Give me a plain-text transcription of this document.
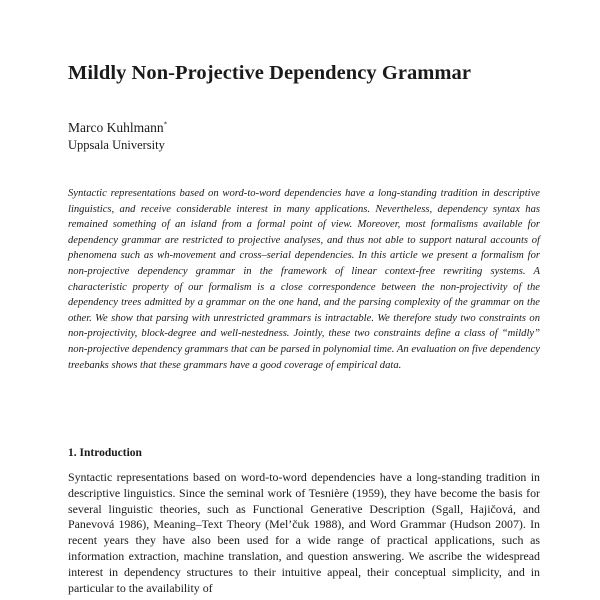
Mildly Non-Projective Dependency Grammar
Marco Kuhlmann*
Uppsala University

Syntactic representations based on word-to-word dependencies have a long-standing tradition in descriptive linguistics, and receive considerable interest in many applications. Nevertheless, dependency syntax has remained something of an island from a formal point of view. Moreover, most formalisms available for dependency grammar are restricted to projective analyses, and thus not able to support natural accounts of phenomena such as wh-movement and cross–serial dependencies. In this article we present a formalism for non-projective dependency grammar in the framework of linear context-free rewriting systems. A characteristic property of our formalism is a close correspondence between the non-projectivity of the dependency trees admitted by a grammar on the one hand, and the parsing complexity of the grammar on the other. We show that parsing with unrestricted grammars is intractable. We therefore study two constraints on non-projectivity, block-degree and well-nestedness. Jointly, these two constraints define a class of “mildly” non-projective dependency grammars that can be parsed in polynomial time. An evaluation on five dependency treebanks shows that these grammars have a good coverage of empirical data.

1. Introduction

Syntactic representations based on word-to-word dependencies have a long-standing tradition in descriptive linguistics. Since the seminal work of Tesnière (1959), they have become the basis for several linguistic theories, such as Functional Generative Description (Sgall, Hajičová, and Panevová 1986), Meaning–Text Theory (Mel’čuk 1988), and Word Grammar (Hudson 2007). In recent years they have also been used for a wide range of practical applications, such as information extraction, machine translation, and question answering. We ascribe the widespread interest in dependency structures to their intuitive appeal, their conceptual simplicity, and in particular to the availability of
